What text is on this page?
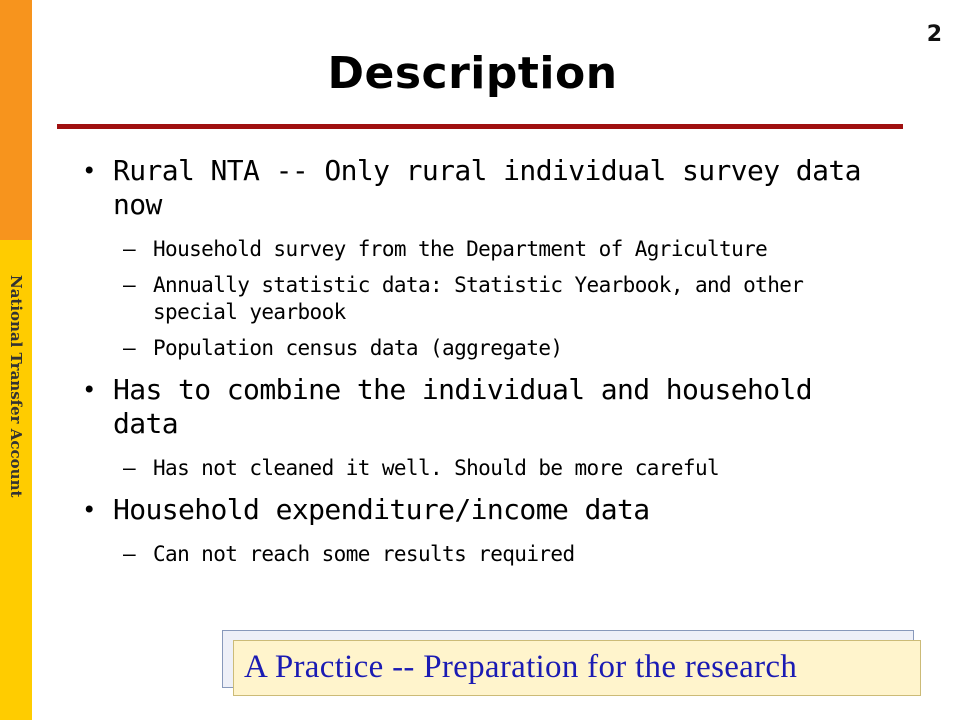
National Transfer Account
2
Description

• Rural NTA -- Only rural individual survey data now

– Household survey from the Department of Agriculture

– Annually statistic data: Statistic Yearbook, and other special yearbook

– Population census data (aggregate)

• Has to combine the individual and household data

– Has not cleaned it well. Should be more careful

• Household expenditure/income data

– Can not reach some results required

A Practice -- Preparation for the research
